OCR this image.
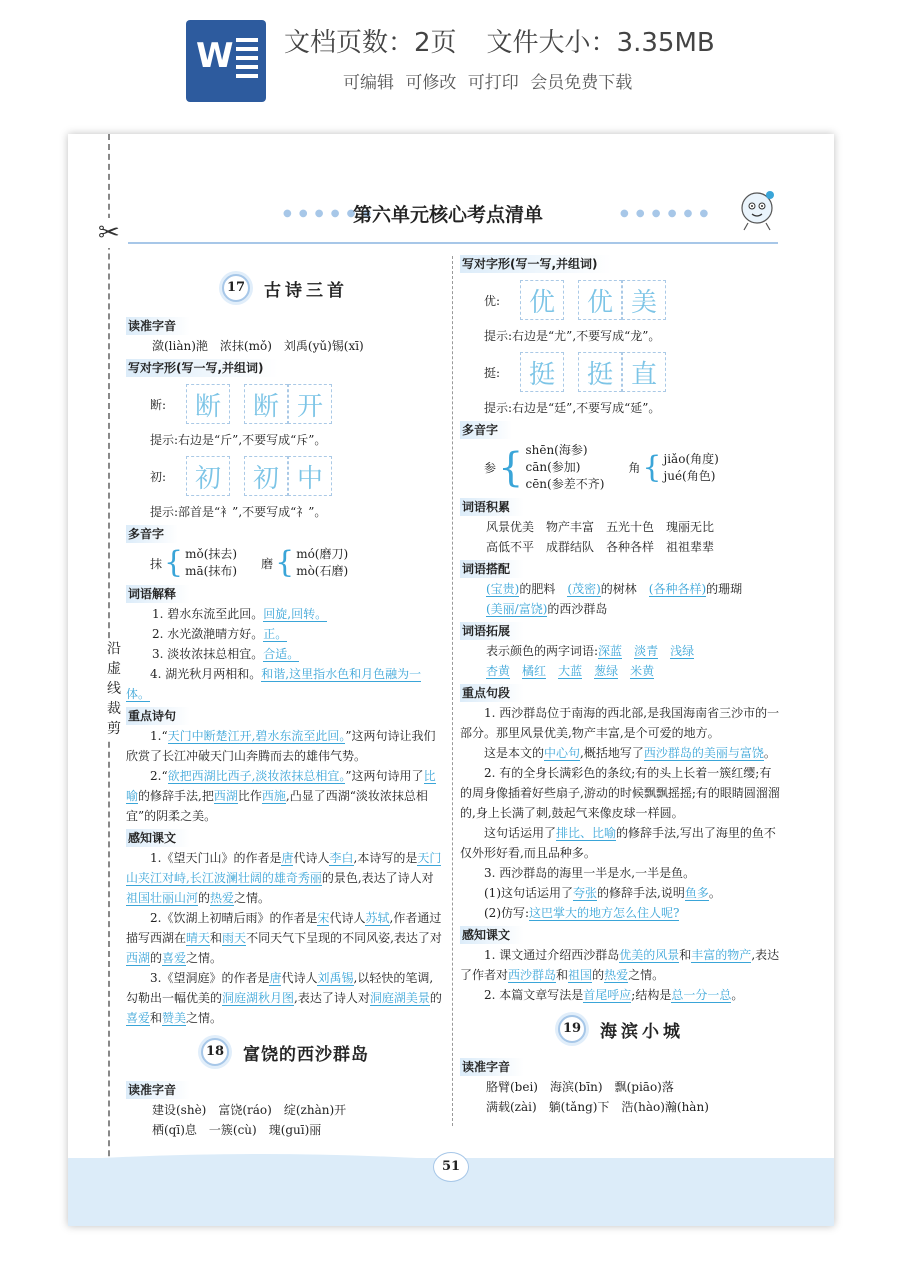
W 文档页数：2页 文件大小：3.35MB
可编辑 可修改 可打印 会员免费下载
✂
沿
虚
线
裁
剪
● ● ● ● ● ●
第六单元核心考点清单	● ● ● ● ● ●
17 古诗三首
读准字音
潋(liàn)滟　浓抹(mǒ)　刘禹(yǔ)锡(xī)
写对字形(写一写,并组词)
断:	断	断 开
提示:右边是“斤”,不要写成“斥”。
初:	初	初 中
提示:部首是“衤”,不要写成“礻”。
多音字
抹 { mǒ(抹去)
mā(抹布)
磨 { mó(磨刀)
mò(石磨)
词语解释
1. 碧水东流至此回。回旋,回转。
2. 水光潋滟晴方好。正。
3. 淡妆浓抹总相宜。合适。
4. 湖光秋月两相和。和谐,这里指水色和月色融为一体。
重点诗句
1.“天门中断楚江开,碧水东流至此回。”这两句诗让我们欣赏了长江冲破天门山奔腾而去的雄伟气势。
2.“欲把西湖比西子,淡妆浓抹总相宜。”这两句诗用了比喻的修辞手法,把西湖比作西施,凸显了西湖“淡妆浓抹总相宜”的阴柔之美。
感知课文
1.《望天门山》的作者是唐代诗人李白,本诗写的是天门山夹江对峙,长江波澜壮阔的雄奇秀丽的景色,表达了诗人对祖国壮丽山河的热爱之情。
2.《饮湖上初晴后雨》的作者是宋代诗人苏轼,作者通过描写西湖在晴天和雨天不同天气下呈现的不同风姿,表达了对西湖的喜爱之情。
3.《望洞庭》的作者是唐代诗人刘禹锡,以轻快的笔调,勾勒出一幅优美的洞庭湖秋月图,表达了诗人对洞庭湖美景的喜爱和赞美之情。
18 富饶的西沙群岛
读准字音
建设(shè)　富饶(ráo)　绽(zhàn)开
栖(qī)息　一簇(cù)　瑰(guī)丽
写对字形(写一写,并组词)
优:	优	优 美
提示:右边是“尤”,不要写成“龙”。
挺:	挺	挺 直
提示:右边是“廷”,不要写成“延”。
多音字
参 { shēn(海参)
cān(参加)
cēn(参差不齐)
角 { jiǎo(角度)
jué(角色)
词语积累
风景优美　物产丰富　五光十色　瑰丽无比
高低不平　成群结队　各种各样　祖祖辈辈
词语搭配
(宝贵)的肥料　(茂密)的树林　(各种各样)的珊瑚
(美丽/富饶)的西沙群岛
词语拓展
表示颜色的两字词语:深蓝　 淡青　 浅绿
杏黄　 橘红　 大蓝　 葱绿　 米黄
重点句段
1. 西沙群岛位于南海的西北部,是我国海南省三沙市的一部分。那里风景优美,物产丰富,是个可爱的地方。
这是本文的中心句,概括地写了西沙群岛的美丽与富饶。
2. 有的全身长满彩色的条纹;有的头上长着一簇红缨;有的周身像插着好些扇子,游动的时候飘飘摇摇;有的眼睛圆溜溜的,身上长满了刺,鼓起气来像皮球一样圆。
这句话运用了排比、比喻的修辞手法,写出了海里的鱼不仅外形好看,而且品种多。
3. 西沙群岛的海里一半是水,一半是鱼。
(1)这句话运用了夸张的修辞手法,说明鱼多。
(2)仿写:这巴掌大的地方怎么住人呢?
感知课文
1. 课文通过介绍西沙群岛优美的风景和丰富的物产,表达了作者对西沙群岛和祖国的热爱之情。
2. 本篇文章写法是首尾呼应;结构是总一分一总。
19 海滨小城
读准字音
胳臂(bei)　海滨(bīn)　飘(piāo)落
满载(zài)　躺(tǎng)下　浩(hào)瀚(hàn)
51
